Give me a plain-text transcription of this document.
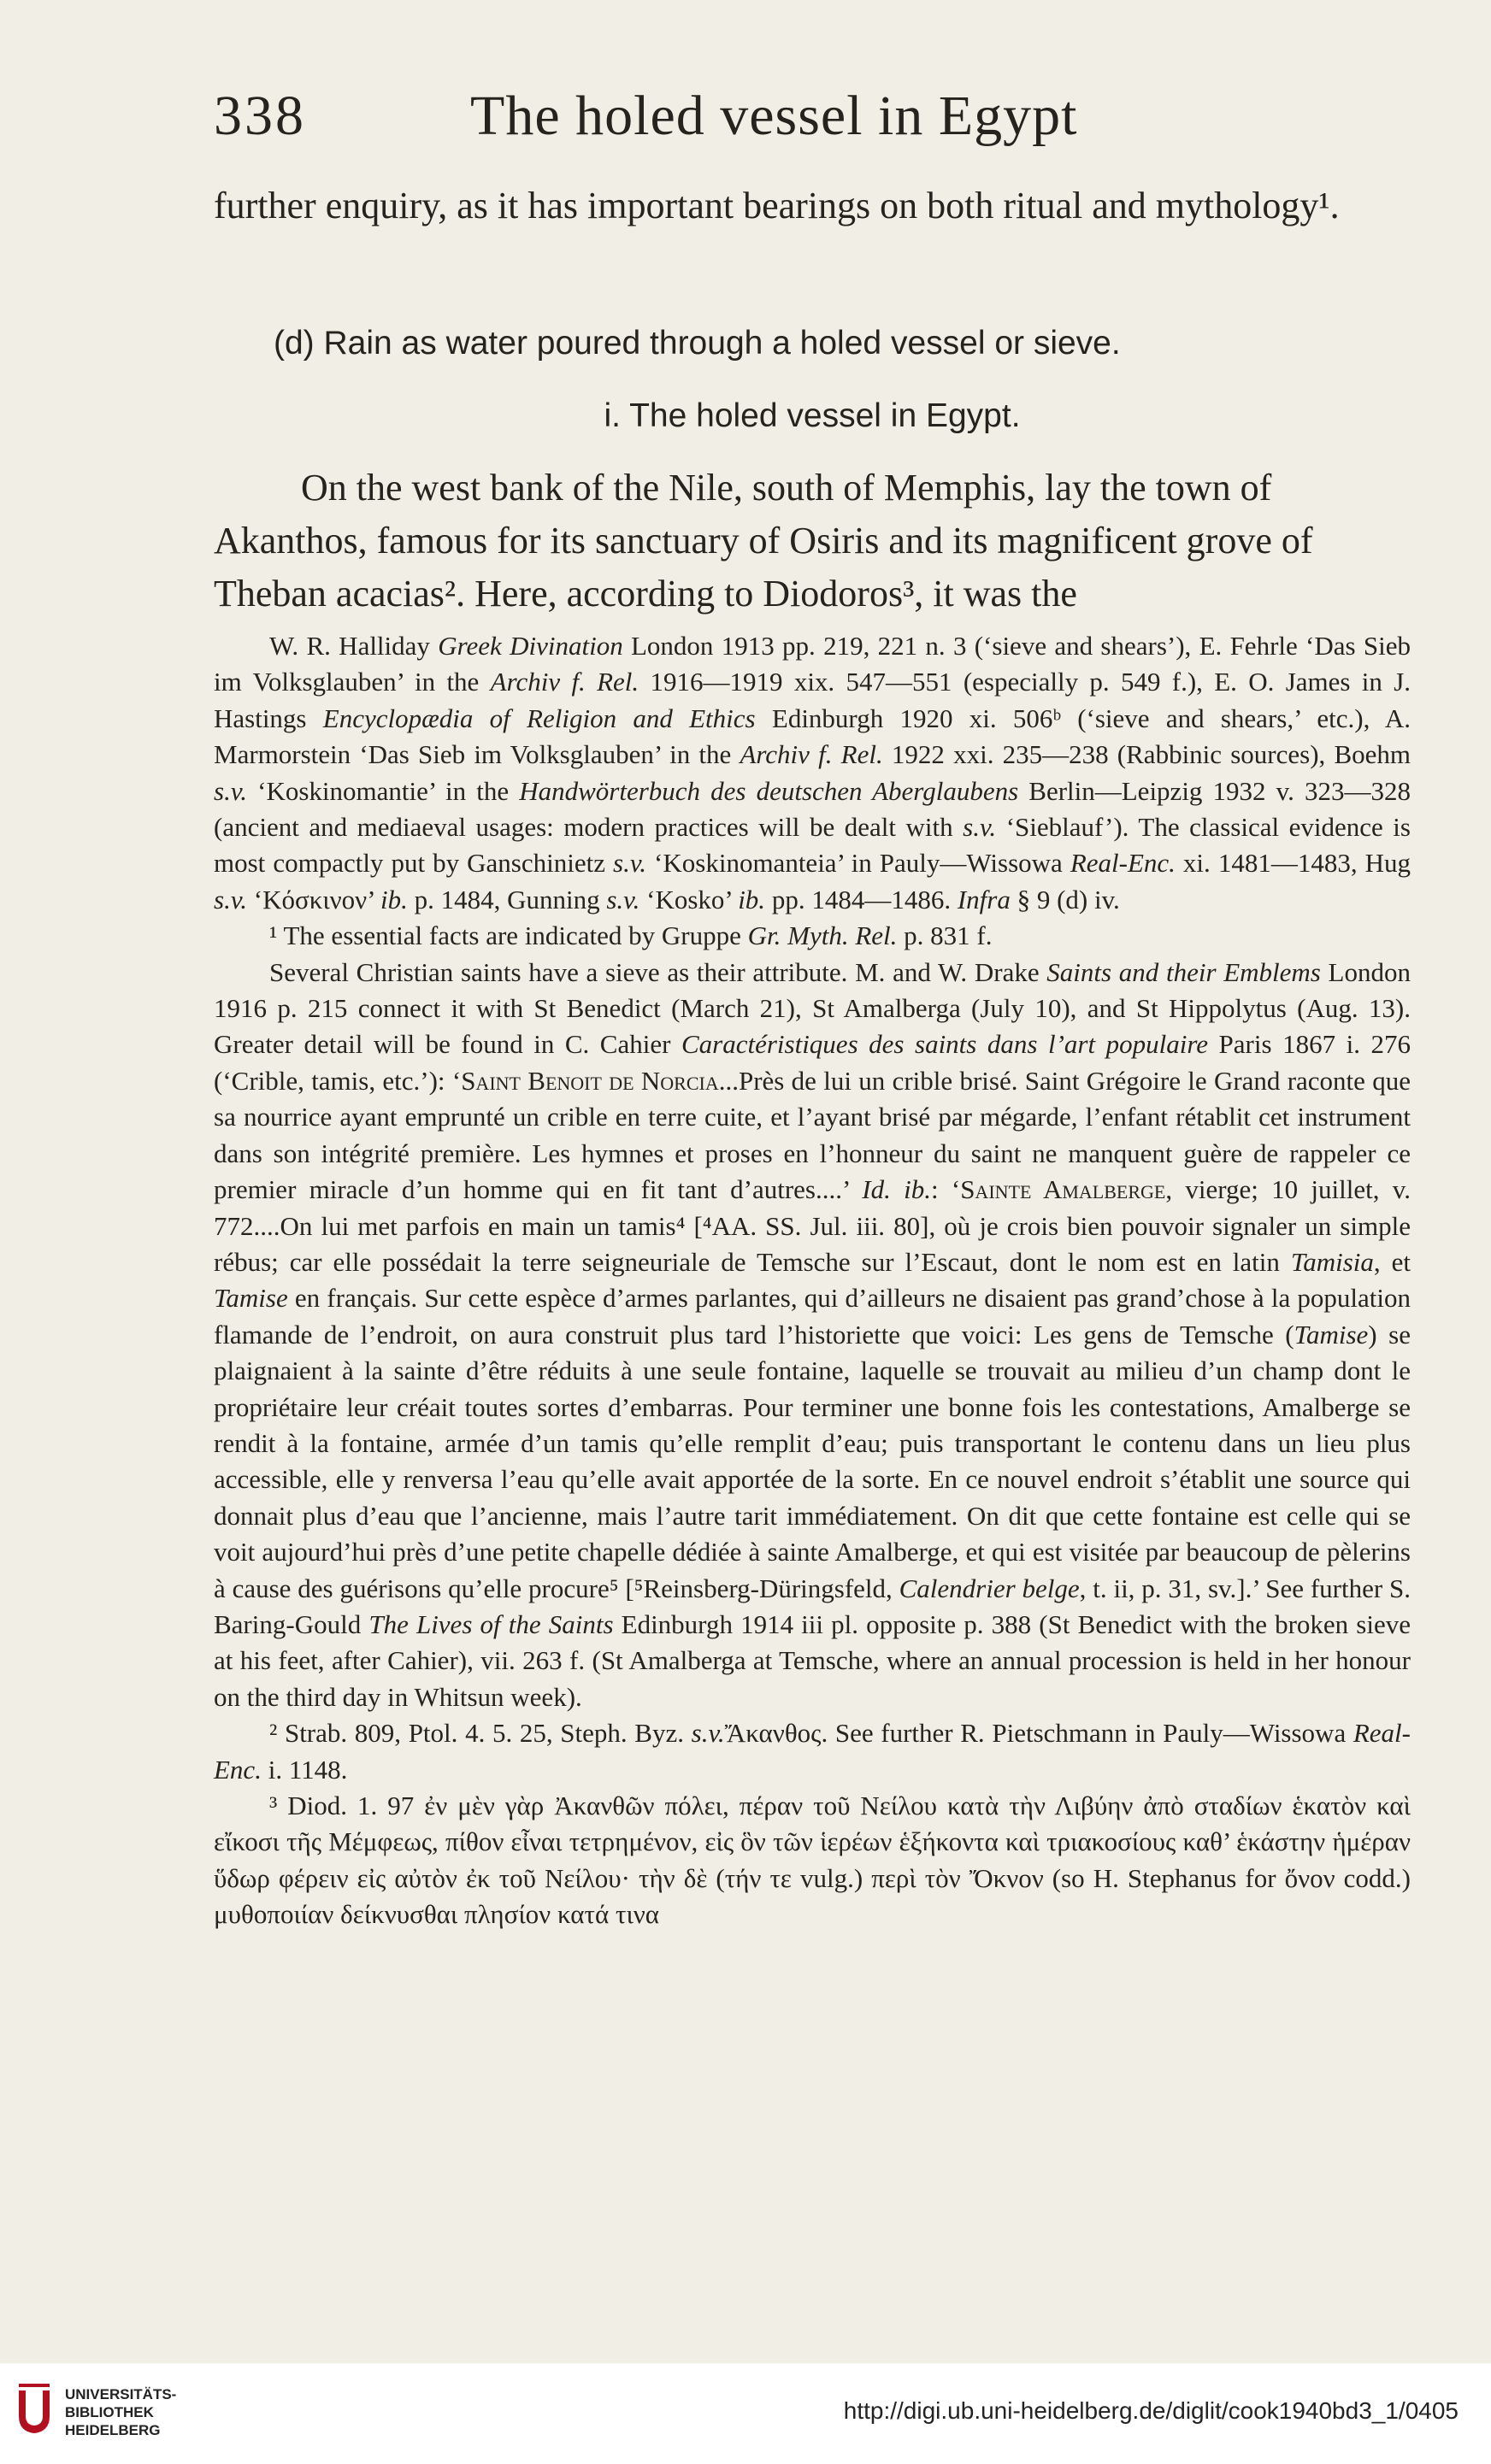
338	The holed vessel in Egypt

further enquiry, as it has important bearings on both ritual and mythology¹.

(d) Rain as water poured through a holed vessel or sieve.
i. The holed vessel in Egypt.

On the west bank of the Nile, south of Memphis, lay the town of Akanthos, famous for its sanctuary of Osiris and its magnificent grove of Theban acacias². Here, according to Diodoros³, it was the

W. R. Halliday Greek Divination London 1913 pp. 219, 221 n. 3 (‘sieve and shears’), E. Fehrle ‘Das Sieb im Volksglauben’ in the Archiv f. Rel. 1916—1919 xix. 547—551 (especially p. 549 f.), E. O. James in J. Hastings Encyclopædia of Religion and Ethics Edinburgh 1920 xi. 506ᵇ (‘sieve and shears,’ etc.), A. Marmorstein ‘Das Sieb im Volksglauben’ in the Archiv f. Rel. 1922 xxi. 235—238 (Rabbinic sources), Boehm s.v. ‘Koskinomantie’ in the Handwörterbuch des deutschen Aberglaubens Berlin—Leipzig 1932 v. 323—328 (ancient and mediaeval usages: modern practices will be dealt with s.v. ‘Sieblauf’). The classical evidence is most compactly put by Ganschinietz s.v. ‘Koskinomanteia’ in Pauly—Wissowa Real-Enc. xi. 1481—1483, Hug s.v. ‘Κόσκινον’ ib. p. 1484, Gunning s.v. ‘Kosko’ ib. pp. 1484—1486. Infra § 9 (d) iv.

¹ The essential facts are indicated by Gruppe Gr. Myth. Rel. p. 831 f.

Several Christian saints have a sieve as their attribute. M. and W. Drake Saints and their Emblems London 1916 p. 215 connect it with St Benedict (March 21), St Amalberga (July 10), and St Hippolytus (Aug. 13). Greater detail will be found in C. Cahier Caractéristiques des saints dans l’art populaire Paris 1867 i. 276 (‘Crible, tamis, etc.’): ‘Saint Benoit de Norcia...Près de lui un crible brisé. Saint Grégoire le Grand raconte que sa nourrice ayant emprunté un crible en terre cuite, et l’ayant brisé par mégarde, l’enfant rétablit cet instrument dans son intégrité première. Les hymnes et proses en l’honneur du saint ne manquent guère de rappeler ce premier miracle d’un homme qui en fit tant d’autres....’ Id. ib.: ‘Sainte Amalberge, vierge; 10 juillet, v. 772....On lui met parfois en main un tamis⁴ [⁴AA. SS. Jul. iii. 80], où je crois bien pouvoir signaler un simple rébus; car elle possédait la terre seigneuriale de Temsche sur l’Escaut, dont le nom est en latin Tamisia, et Tamise en français. Sur cette espèce d’armes parlantes, qui d’ailleurs ne disaient pas grand’chose à la population flamande de l’endroit, on aura construit plus tard l’historiette que voici: Les gens de Temsche (Tamise) se plaignaient à la sainte d’être réduits à une seule fontaine, laquelle se trouvait au milieu d’un champ dont le propriétaire leur créait toutes sortes d’embarras. Pour terminer une bonne fois les contestations, Amalberge se rendit à la fontaine, armée d’un tamis qu’elle remplit d’eau; puis transportant le contenu dans un lieu plus accessible, elle y renversa l’eau qu’elle avait apportée de la sorte. En ce nouvel endroit s’établit une source qui donnait plus d’eau que l’ancienne, mais l’autre tarit immédiatement. On dit que cette fontaine est celle qui se voit aujourd’hui près d’une petite chapelle dédiée à sainte Amalberge, et qui est visitée par beaucoup de pèlerins à cause des guérisons qu’elle procure⁵ [⁵Reinsberg-Düringsfeld, Calendrier belge, t. ii, p. 31, sv.].’ See further S. Baring-Gould The Lives of the Saints Edinburgh 1914 iii pl. opposite p. 388 (St Benedict with the broken sieve at his feet, after Cahier), vii. 263 f. (St Amalberga at Temsche, where an annual procession is held in her honour on the third day in Whitsun week).

² Strab. 809, Ptol. 4. 5. 25, Steph. Byz. s.v.Ἄκανθος. See further R. Pietschmann in Pauly—Wissowa Real-Enc. i. 1148.

³ Diod. 1. 97 ἐν μὲν γὰρ Ἀκανθῶν πόλει, πέραν τοῦ Νείλου κατὰ τὴν Λιβύην ἀπὸ σταδίων ἑκατὸν καὶ εἴκοσι τῆς Μέμφεως, πίθον εἶναι τετρημένον, εἰς ὃν τῶν ἱερέων ἑξήκοντα καὶ τριακοσίους καθ’ ἑκάστην ἡμέραν ὕδωρ φέρειν εἰς αὐτὸν ἐκ τοῦ Νείλου· τὴν δὲ (τήν τε vulg.) περὶ τὸν Ὄκνον (so H. Stephanus for ὄνον codd.) μυθοποιίαν δείκνυσθαι πλησίον κατά τινα

UNIVERSITÄTS-
BIBLIOTHEK
HEIDELBERG
http://digi.ub.uni-heidelberg.de/diglit/cook1940bd3_1/0405
